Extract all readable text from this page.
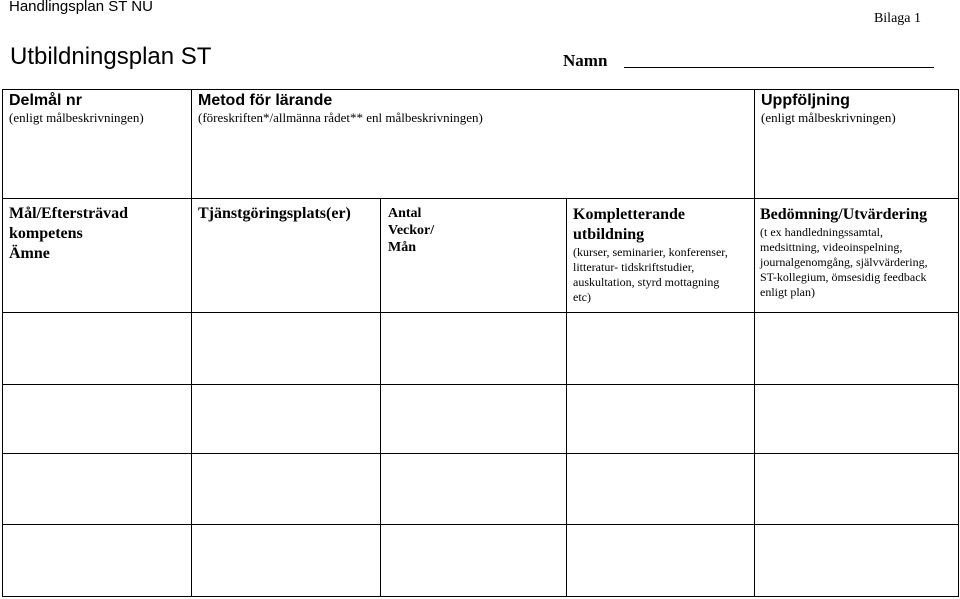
Handlingsplan ST NU
Bilaga 1
Utbildningsplan ST	Namn
Delmål nr
(enligt målbeskrivningen)
Metod för lärande
(föreskriften*/allmänna rådet** enl målbeskrivningen)
Uppföljning
(enligt målbeskrivningen)
Mål/Eftersträvad
kompetens
Ämne
Tjänstgöringsplats(er)	Antal
Veckor/
Mån
Kompletterande
utbildning
(kurser, seminarier, konferenser,
litteratur- tidskriftstudier,
auskultation, styrd mottagning
etc)
Bedömning/Utvärdering
(t ex handledningssamtal,
medsittning, videoinspelning,
journalgenomgång, självvärdering,
ST-kollegium, ömsesidig feedback
enligt plan)
